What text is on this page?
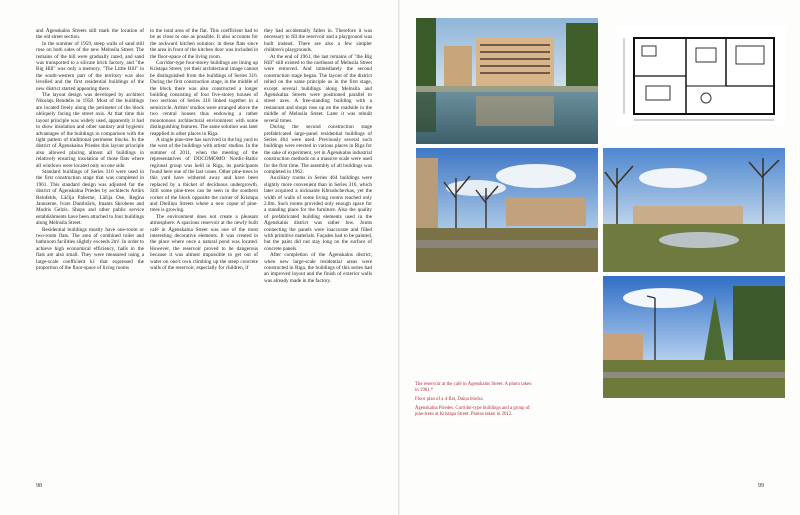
and Āgenskalns Streets still mark the location of the old street section.

In the summer of 1959, steep walls of sand still rose on both sides of the new Melnsila Street. The remains of the hill were gradually razed, and sand was transported to a silicate brick factory, and "the Big Hill" was only a memory. "The Little Hill" in the south-western part of the territory was also levelled and the first residential buildings of the new district started appearing there.

The layout design was developed by architect Nikolajs Rendelis in 1958. Most of the buildings are located freely along the perimeter of the block obliquely facing the street axis. At that time this layout principle was widely used, apparently it had to show insolation and other sanitary and hygienic advantages of the buildings in comparison with the tight pattern of traditional perimeter blocks. In the district of Āgenskalna Priedes this layout principle also allowed placing almost all buildings in relatively ensuring insolation of those flats where all windows were located only on one side.

Standard buildings of Series 316 were used in the first construction stage that was completed in 1961. This standard design was adjusted for the district of Āgenskalna Priedes by architects Artūrs Reinfelds, Lāčija Paberne, Lāčija Ose, Regīna Jaunzeme, Ivars Dumbrāris, Imants Skrobens and Modris Gelzis. Shops and other public service establishments have been attached to four buildings along Melnsila Street.

Residential buildings mostly have one-room or two-room flats. The area of combined toilet and bathroom facilities slightly exceeds 2m². In order to achieve high economical efficiency, halls in the flats are also small. They were measured using a large-scale coefficient k1 that expressed the proportion of the floor-space of living rooms

to the total area of the flat. This coefficient had to be as close to one as possible. It also accounts for the awkward kitchen solution: in these flats since the area in front of the kitchen door was included in the floor-space of the living room.

Corridor-type four-storey buildings are lining up Kristapa Street, yet their architectural image cannot be distinguished from the buildings of Series 316. During the first construction stage, in the middle of the block there was also constructed a longer building consisting of four five-storey houses of two sections of Series 316 linked together in a semicircle. Artists' studios were arranged above the two central houses thus endowing a rather monotonous architectural environment with some distinguishing features. The same solution was later reapplied in other places in Riga.

A single pine-tree has survived in the big yard to the west of the buildings with artists' studios. In the summer of 2011, when the meeting of the representatives of DOCOMOMO Nordic-Baltic regional group was held in Riga, its participants found here one of the last cones. Other pine-trees in this yard have withered away and have been replaced by a thicket of deciduous undergrowth. Still some pine-trees can be seen in the southern corner of the block opposite the corner of Kristapa and Dreiliņu Streets where a new copse of pine-trees is growing.

The environment does not create a pleasant atmosphere. A spacious reservoir at the newly built café in Āgenskalna Street was one of the most interesting decorative elements. It was created in the place where once a natural pond was located. However, the reservoir proved to be dangerous because it was almost impossible to get out of water on one's own climbing up the steep concrete walls of the reservoir, especially for children, if

they had accidentally fallen in. Therefore it was necessary to fill the reservoir and a playground was built instead. There are also a few simpler children's playgrounds.

At the end of 1961, the last remains of "the Big Hill" still existed to the northeast of Melnsila Street were removed. And immediately the second construction stage began. The layout of the district relied on the same principle as in the first stage, except several buildings along Melnsila and Āgenskalna Streets were positioned parallel to street axes. A free-standing building with a restaurant and shops rose up on the roadside in the middle of Melnsila Street. Later it was rebuilt several times.

During the second construction stage prefabricated large-panel residential buildings of Series 464 were used. Previously several such buildings were erected in various places in Riga for the sake of experiment, yet in Āgenskalns industrial construction methods on a massive scale were used for the first time. The assembly of all buildings was completed in 1962.

Auxiliary rooms in Series 464 buildings were slightly more convenient than in Series 316, which later acquired a nickname Khrushchevkas, yet the width of walls of some living rooms reached only 2.8m. Such rooms provided only enough space for a standing place for the furniture. Also the quality of prefabricated building elements used in the Āgenskalns district was rather low. Joints connecting the panels were inaccurate and filled with primitive materials. Façades had to be painted, but the paint did not stay long on the surface of concrete panels.

After completion of the Āgenskalns district, when new large-scale residential areas were constructed in Riga, the buildings of this series had an improved layout and the finish of exterior walls was already made in the factory.

98	99
The reservoir at the café in Āgenskalns Street. A photo taken in 1961.*
Floor plan of a 4-flat, Daiņa blocks.
Āgenskalna Priedes. Corridor-type buildings and a group of pine-trees at Kristapa Street. Photos taken in 2012.
